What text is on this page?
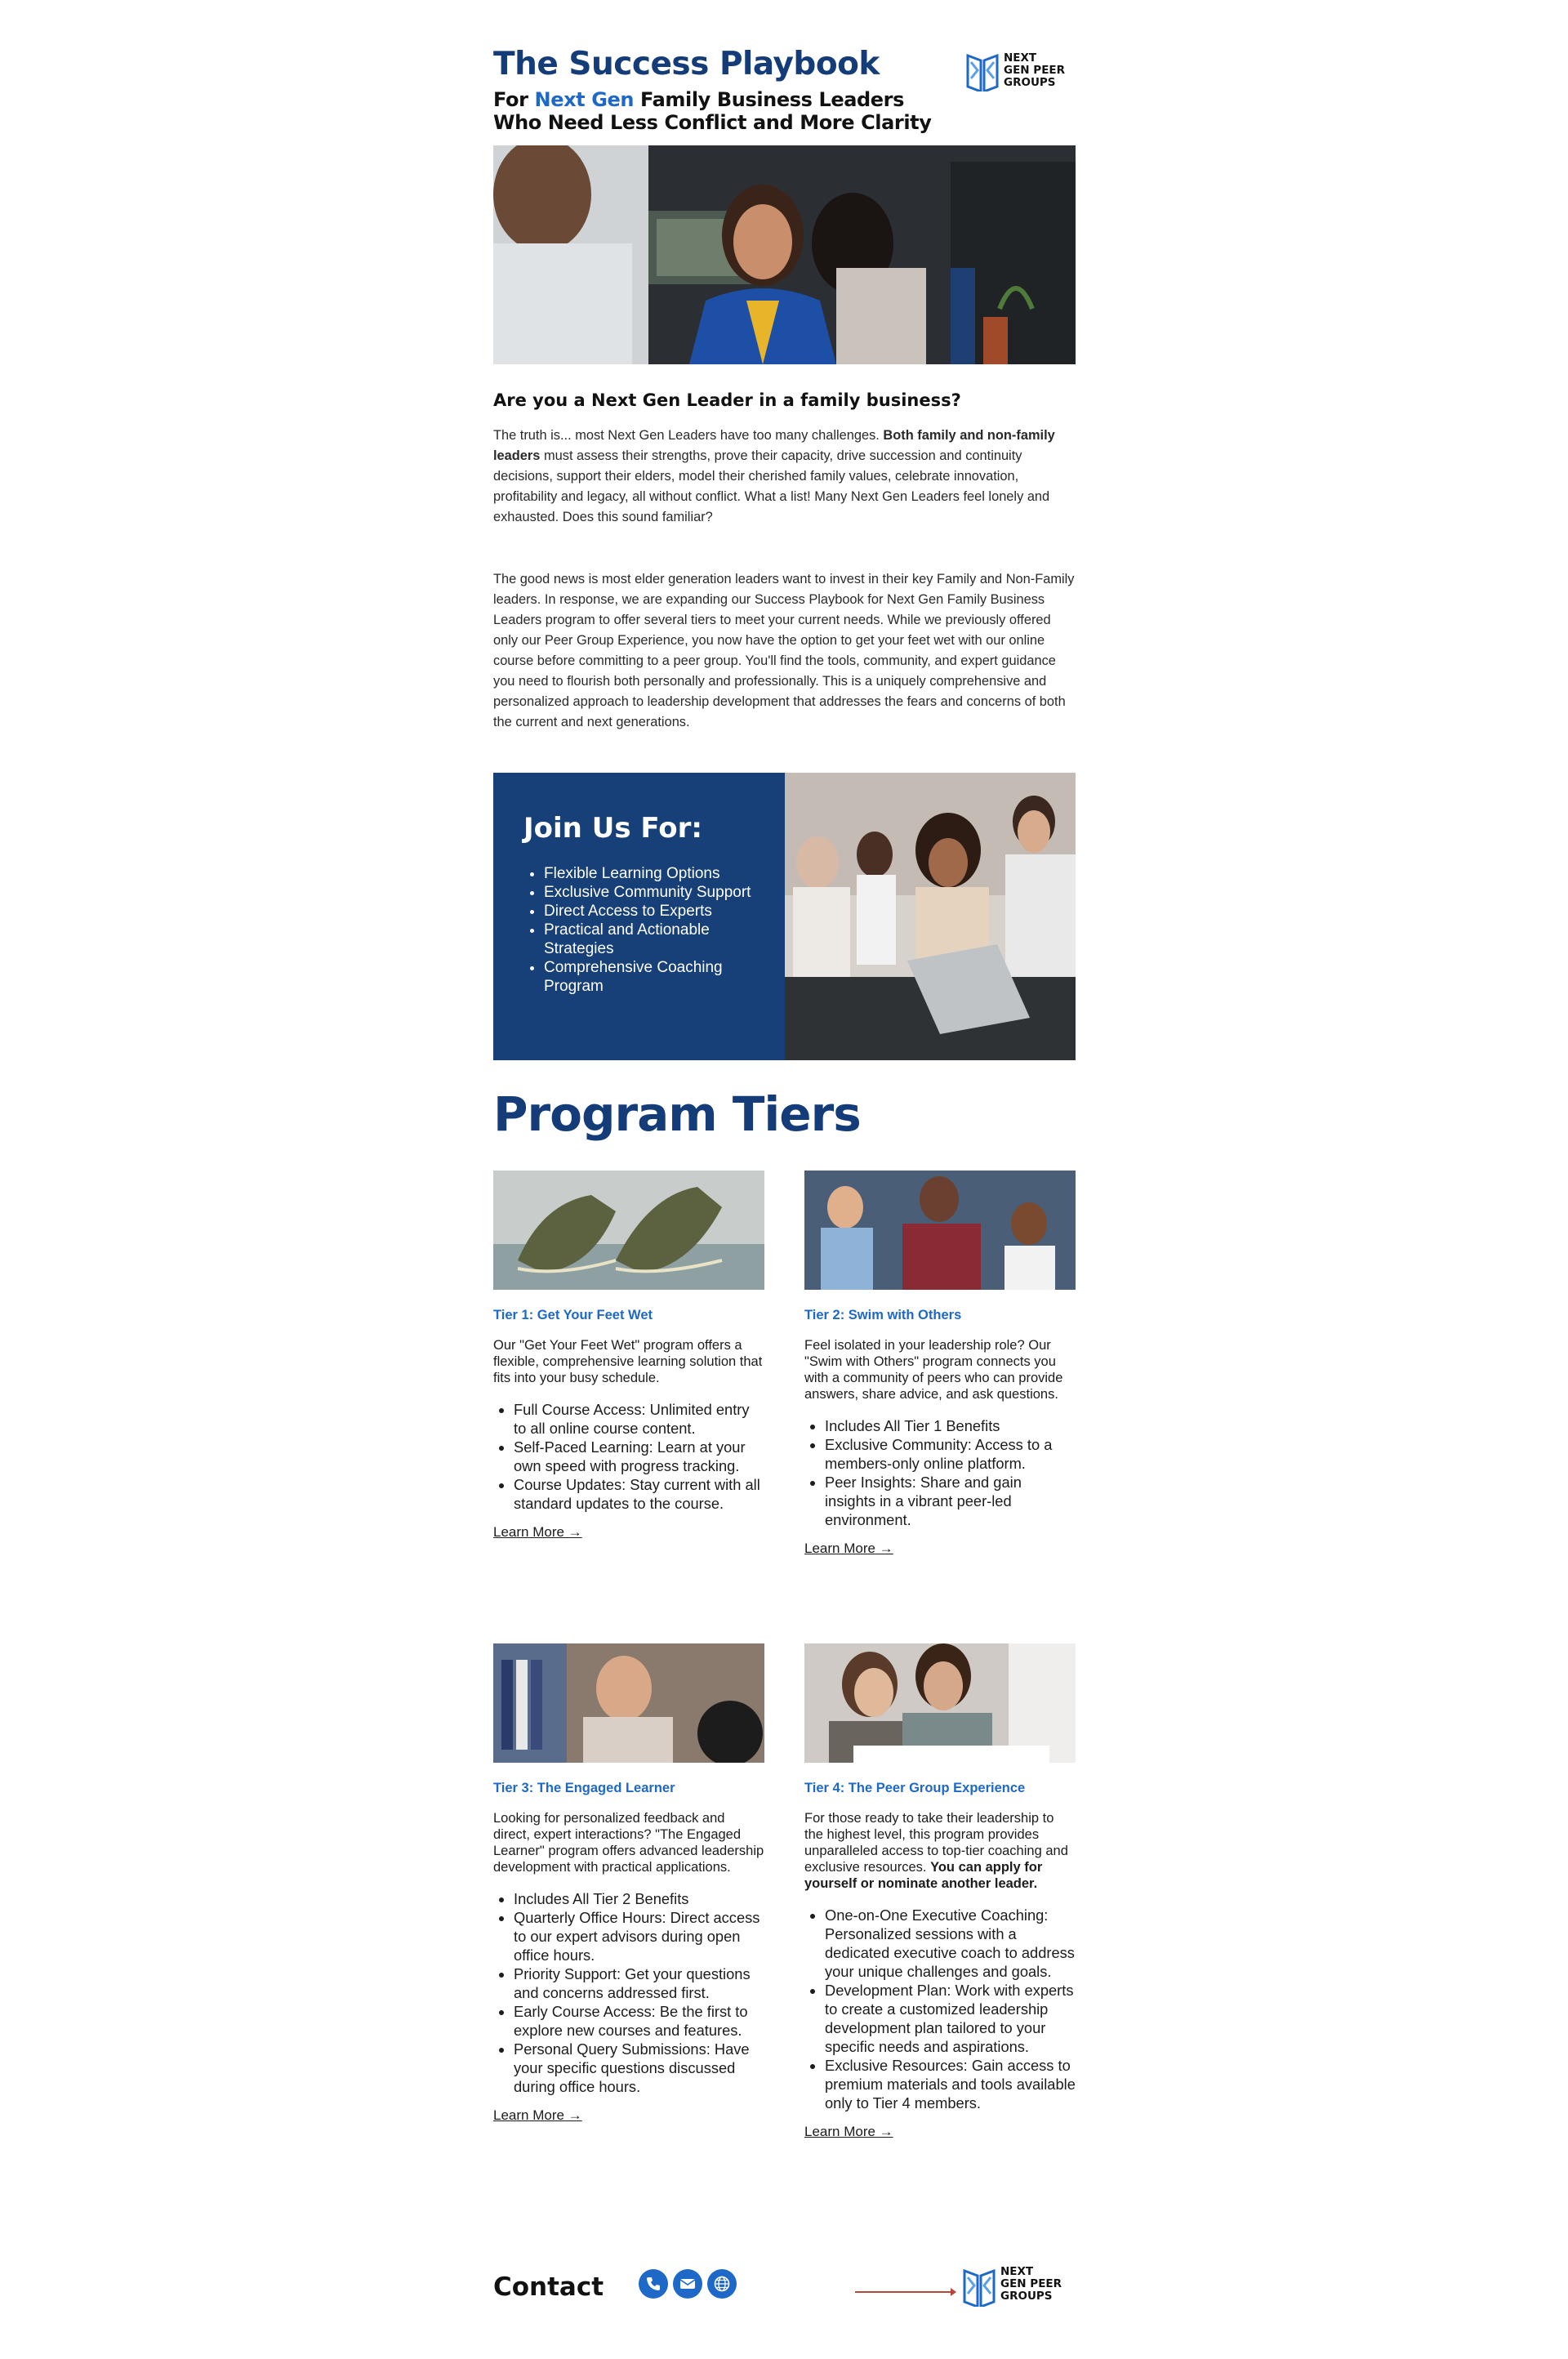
The Success Playbook
For Next Gen Family Business Leaders Who Need Less Conflict and More Clarity
NEXT
GEN PEER
GROUPS
Are you a Next Gen Leader in a family business?
The truth is... most Next Gen Leaders have too many challenges. Both family and non-family leaders must assess their strengths, prove their capacity, drive succession and continuity decisions, support their elders, model their cherished family values, celebrate innovation, profitability and legacy, all without conflict. What a list! Many Next Gen Leaders feel lonely and exhausted. Does this sound familiar?
The good news is most elder generation leaders want to invest in their key Family and Non-Family leaders. In response, we are expanding our Success Playbook for Next Gen Family Business Leaders program to offer several tiers to meet your current needs. While we previously offered only our Peer Group Experience, you now have the option to get your feet wet with our online course before committing to a peer group. You'll find the tools, community, and expert guidance you need to flourish both personally and professionally. This is a uniquely comprehensive and personalized approach to leadership development that addresses the fears and concerns of both the current and next generations.
Join Us For:
• Flexible Learning Options
• Exclusive Community Support
• Direct Access to Experts
• Practical and Actionable Strategies
• Comprehensive Coaching Program
Program Tiers
Tier 1: Get Your Feet Wet
Our "Get Your Feet Wet" program offers a flexible, comprehensive learning solution that fits into your busy schedule.
• Full Course Access: Unlimited entry to all online course content.
• Self-Paced Learning: Learn at your own speed with progress tracking.
• Course Updates: Stay current with all standard updates to the course.
Learn More →
Tier 2: Swim with Others
Feel isolated in your leadership role? Our "Swim with Others" program connects you with a community of peers who can provide answers, share advice, and ask questions.
• Includes All Tier 1 Benefits
• Exclusive Community: Access to a members-only online platform.
• Peer Insights: Share and gain insights in a vibrant peer-led environment.
Learn More →
Tier 3: The Engaged Learner
Looking for personalized feedback and direct, expert interactions? "The Engaged Learner" program offers advanced leadership development with practical applications.
• Includes All Tier 2 Benefits
• Quarterly Office Hours: Direct access to our expert advisors during open office hours.
• Priority Support: Get your questions and concerns addressed first.
• Early Course Access: Be the first to explore new courses and features.
• Personal Query Submissions: Have your specific questions discussed during office hours.
Learn More →
Tier 4: The Peer Group Experience
For those ready to take their leadership to the highest level, this program provides unparalleled access to top-tier coaching and exclusive resources. You can apply for yourself or nominate another leader.
• One-on-One Executive Coaching: Personalized sessions with a dedicated executive coach to address your unique challenges and goals.
• Development Plan: Work with experts to create a customized leadership development plan tailored to your specific needs and aspirations.
• Exclusive Resources: Gain access to premium materials and tools available only to Tier 4 members.
Learn More →
Contact
NEXT
GEN PEER
GROUPS
